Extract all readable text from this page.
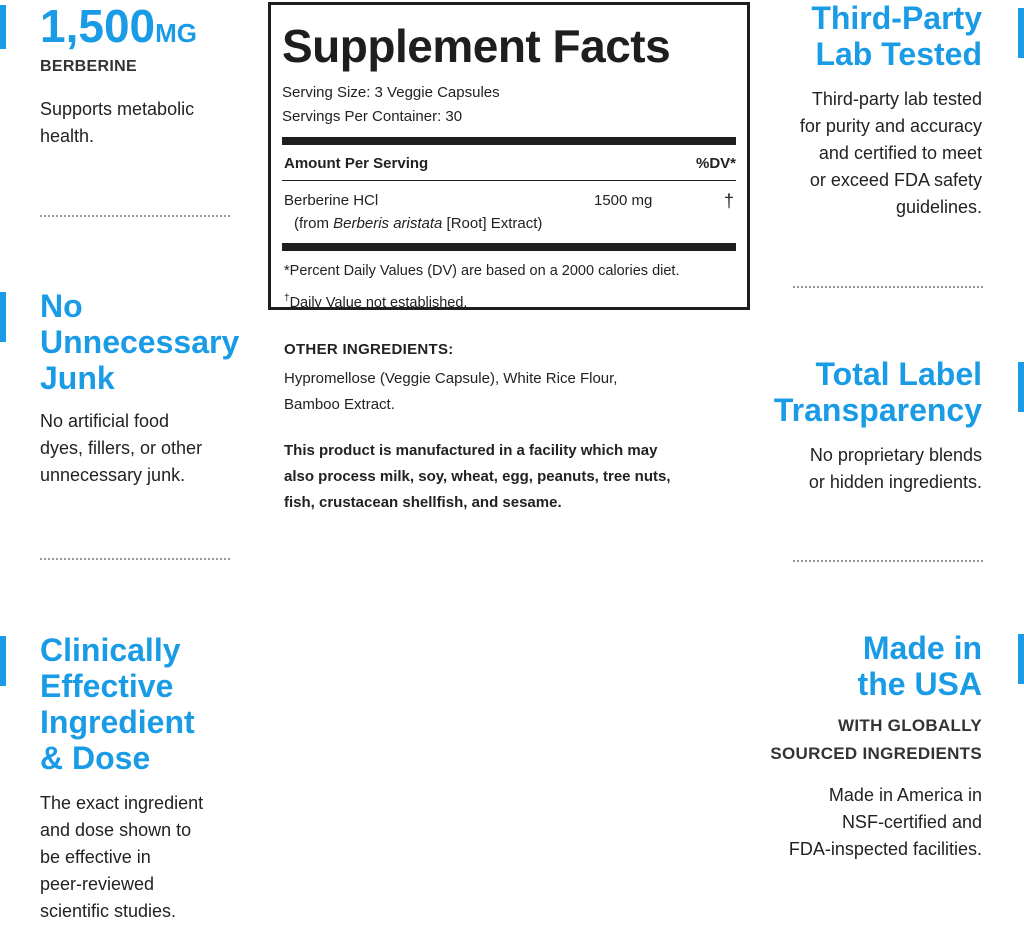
1,500MG
BERBERINE
Supports metabolic
health.
No
Unnecessary
Junk
No artificial food
dyes, fillers, or other
unnecessary junk.
Clinically
Effective
Ingredient
& Dose
The exact ingredient
and dose shown to
be effective in
peer-reviewed
scientific studies.
Supplement Facts
Serving Size: 3 Veggie Capsules
Servings Per Container: 30
Amount Per Serving	%DV*
Berberine HCl	1500 mg	†
(from Berberis aristata [Root] Extract)
*Percent Daily Values (DV) are based on a 2000 calories diet.
†Daily Value not established.
OTHER INGREDIENTS:
Hypromellose (Veggie Capsule), White Rice Flour,
Bamboo Extract.
This product is manufactured in a facility which may
also process milk, soy, wheat, egg, peanuts, tree nuts,
fish, crustacean shellfish, and sesame.
Third-Party
Lab Tested
Third-party lab tested
for purity and accuracy
and certified to meet
or exceed FDA safety
guidelines.
Total Label
Transparency
No proprietary blends
or hidden ingredients.
Made in
the USA
WITH GLOBALLY
SOURCED INGREDIENTS
Made in America in
NSF-certified and
FDA-inspected facilities.
